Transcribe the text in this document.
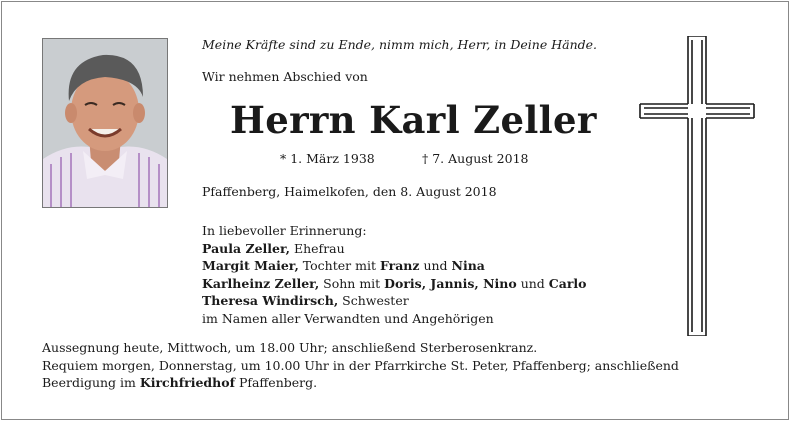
Meine Kräfte sind zu Ende, nimm mich, Herr, in Deine Hände.
Wir nehmen Abschied von
Herrn Karl Zeller
* 1. März 1938	† 7. August 2018
Pfaffenberg, Haimelkofen, den 8. August 2018
In liebevoller Erinnerung:
Paula Zeller, Ehefrau
Margit Maier, Tochter mit Franz und Nina
Karlheinz Zeller, Sohn mit Doris, Jannis, Nino und Carlo
Theresa Windirsch, Schwester
im Namen aller Verwandten und Angehörigen
Aussegnung heute, Mittwoch, um 18.00 Uhr; anschließend Sterberosenkranz.
Requiem morgen, Donnerstag, um 10.00 Uhr in der Pfarrkirche St. Peter, Pfaffenberg; anschließend
Beerdigung im Kirchfriedhof Pfaffenberg.
